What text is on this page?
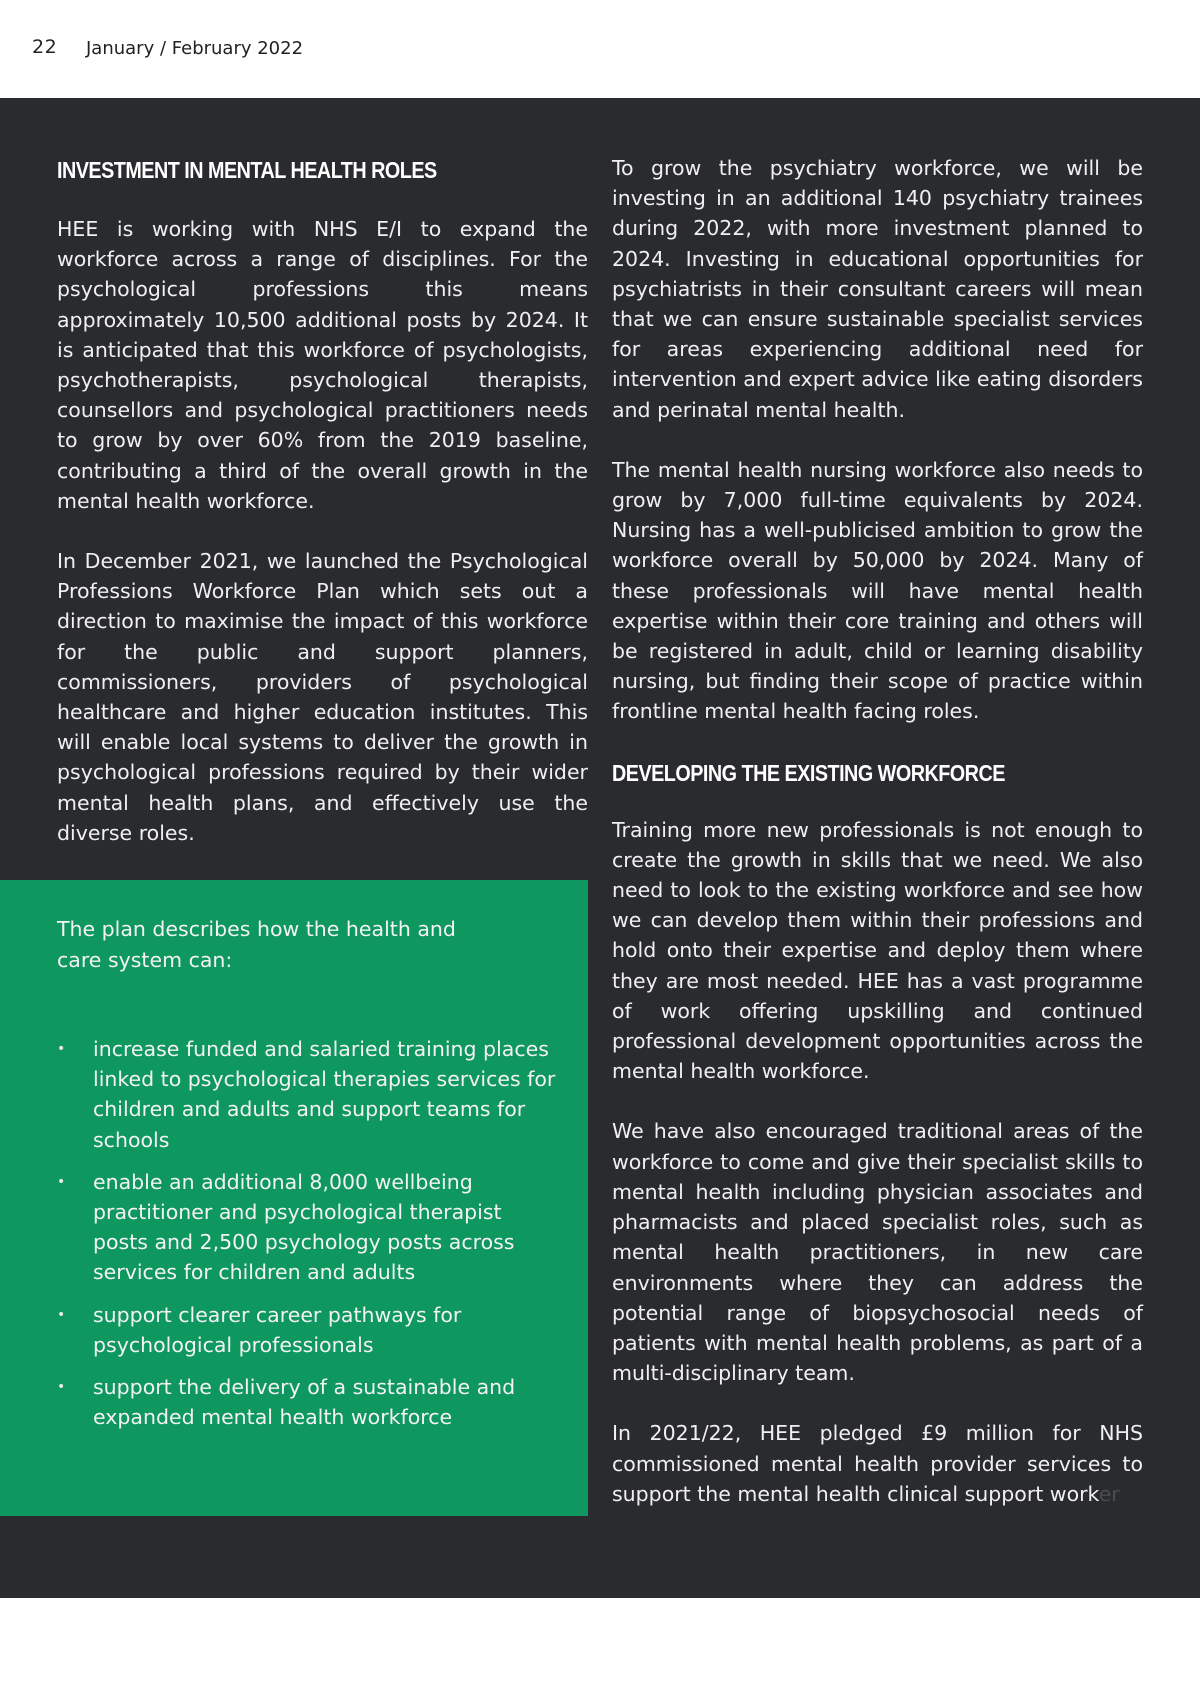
22 January / February 2022
INVESTMENT IN MENTAL HEALTH ROLES

HEE is working with NHS E/I to expand the workforce across a range of disciplines. For the psychological professions this means approximately 10,500 additional posts by 2024. It is anticipated that this workforce of psychologists, psychotherapists, psychological therapists, counsellors and psychological practitioners needs to grow by over 60% from the 2019 baseline, contributing a third of the overall growth in the mental health workforce.

In December 2021, we launched the Psychological Professions Workforce Plan which sets out a direction to maximise the impact of this workforce for the public and support planners, commissioners, providers of psychological healthcare and higher education institutes. This will enable local systems to deliver the growth in psychological professions required by their wider mental health plans, and effectively use the diverse roles.

The plan describes how the health and care system can:
• increase funded and salaried training places linked to psychological therapies services for children and adults and support teams for schools
• enable an additional 8,000 wellbeing practitioner and psychological therapist posts and 2,500 psychology posts across services for children and adults
• support clearer career pathways for psychological professionals
• support the delivery of a sustainable and expanded mental health workforce

To grow the psychiatry workforce, we will be investing in an additional 140 psychiatry trainees during 2022, with more investment planned to 2024. Investing in educational opportunities for psychiatrists in their consultant careers will mean that we can ensure sustainable specialist services for areas experiencing additional need for intervention and expert advice like eating disorders and perinatal mental health.

The mental health nursing workforce also needs to grow by 7,000 full-time equivalents by 2024. Nursing has a well-publicised ambition to grow the workforce overall by 50,000 by 2024. Many of these professionals will have mental health expertise within their core training and others will be registered in adult, child or learning disability nursing, but finding their scope of practice within frontline mental health facing roles.

DEVELOPING THE EXISTING WORKFORCE

Training more new professionals is not enough to create the growth in skills that we need. We also need to look to the existing workforce and see how we can develop them within their professions and hold onto their expertise and deploy them where they are most needed. HEE has a vast programme of work offering upskilling and continued professional development opportunities across the mental health workforce.

We have also encouraged traditional areas of the workforce to come and give their specialist skills to mental health including physician associates and pharmacists and placed specialist roles, such as mental health practitioners, in new care environments where they can address the potential range of biopsychosocial needs of patients with mental health problems, as part of a multi-disciplinary team.

In 2021/22, HEE pledged £9 million for NHS commissioned mental health provider services to support the mental health clinical support worker
